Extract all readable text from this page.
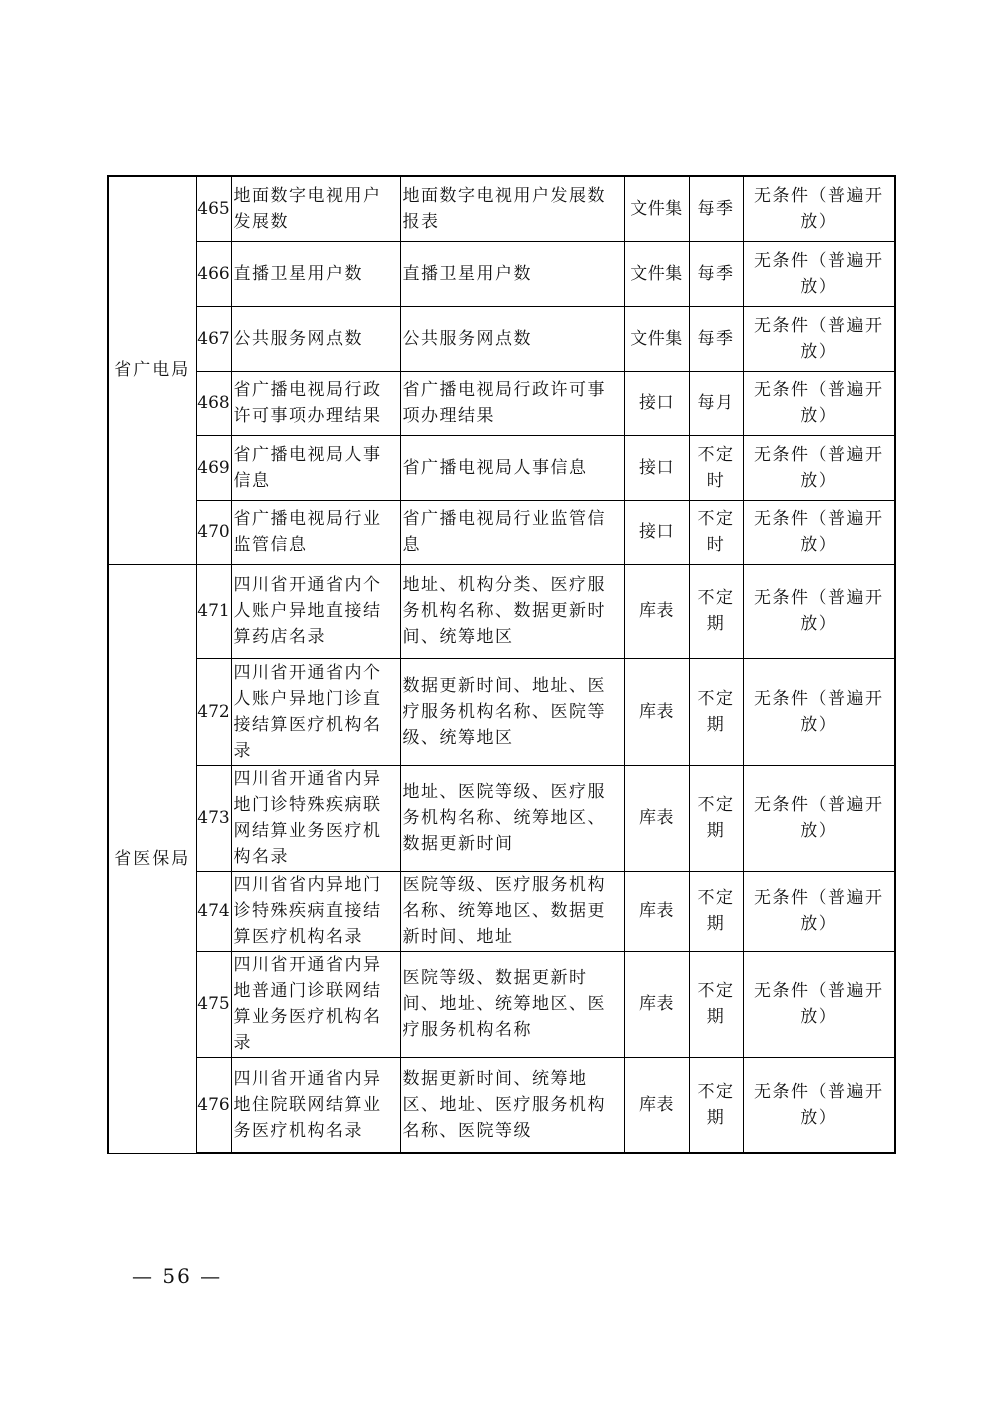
省广电局	465	地面数字电视用户发展数	地面数字电视用户发展数报表	文件集	每季	无条件（普遍开放）
	466	直播卫星用户数	直播卫星用户数	文件集	每季	无条件（普遍开放）
	467	公共服务网点数	公共服务网点数	文件集	每季	无条件（普遍开放）
	468	省广播电视局行政许可事项办理结果	省广播电视局行政许可事项办理结果	接口	每月	无条件（普遍开放）
	469	省广播电视局人事信息	省广播电视局人事信息	接口	不定时	无条件（普遍开放）
	470	省广播电视局行业监管信息	省广播电视局行业监管信息	接口	不定时	无条件（普遍开放）
省医保局	471	四川省开通省内个人账户异地直接结算药店名录	地址、机构分类、医疗服务机构名称、数据更新时间、统筹地区	库表	不定期	无条件（普遍开放）
	472	四川省开通省内个人账户异地门诊直接结算医疗机构名录	数据更新时间、地址、医疗服务机构名称、医院等级、统筹地区	库表	不定期	无条件（普遍开放）
	473	四川省开通省内异地门诊特殊疾病联网结算业务医疗机构名录	地址、医院等级、医疗服务机构名称、统筹地区、数据更新时间	库表	不定期	无条件（普遍开放）
	474	四川省省内异地门诊特殊疾病直接结算医疗机构名录	医院等级、医疗服务机构名称、统筹地区、数据更新时间、地址	库表	不定期	无条件（普遍开放）
	475	四川省开通省内异地普通门诊联网结算业务医疗机构名录	医院等级、数据更新时间、地址、统筹地区、医疗服务机构名称	库表	不定期	无条件（普遍开放）
	476	四川省开通省内异地住院联网结算业务医疗机构名录	数据更新时间、统筹地区、地址、医疗服务机构名称、医院等级	库表	不定期	无条件（普遍开放）
— 56 —
